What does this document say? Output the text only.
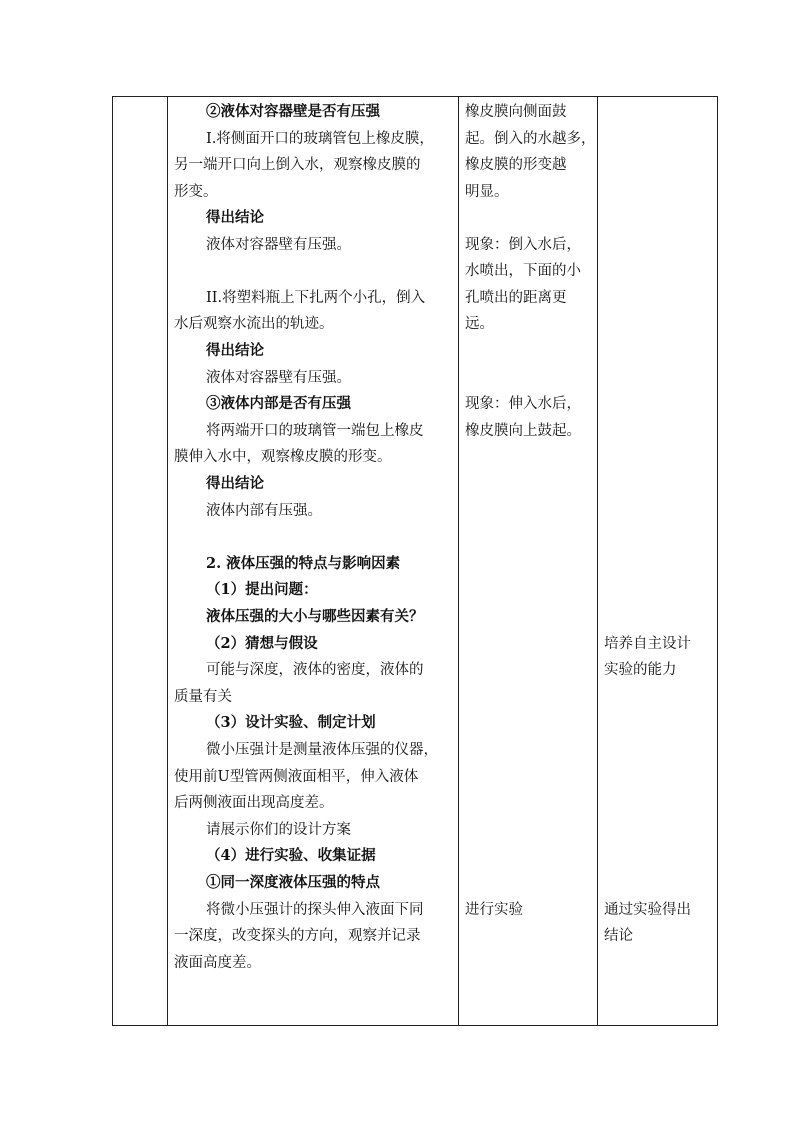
②液体对容器壁是否有压强
I.将侧面开口的玻璃管包上橡皮膜，
另一端开口向上倒入水，观察橡皮膜的
形变。
得出结论
液体对容器壁有压强。
II.将塑料瓶上下扎两个小孔，倒入
水后观察水流出的轨迹。
得出结论
液体对容器壁有压强。
③液体内部是否有压强
将两端开口的玻璃管一端包上橡皮
膜伸入水中，观察橡皮膜的形变。
得出结论
液体内部有压强。
2. 液体压强的特点与影响因素
（1）提出问题：
液体压强的大小与哪些因素有关？
（2）猜想与假设
可能与深度，液体的密度，液体的
质量有关
（3）设计实验、制定计划
微小压强计是测量液体压强的仪器，
使用前U型管两侧液面相平，伸入液体
后两侧液面出现高度差。
请展示你们的设计方案
（4）进行实验、收集证据
①同一深度液体压强的特点
将微小压强计的探头伸入液面下同
一深度，改变探头的方向，观察并记录
液面高度差。
橡皮膜向侧面鼓
起。倒入的水越多，
橡皮膜的形变越
明显。
现象：倒入水后，
水喷出，下面的小
孔喷出的距离更
远。
现象：伸入水后，
橡皮膜向上鼓起。
进行实验
培养自主设计
实验的能力
通过实验得出
结论
